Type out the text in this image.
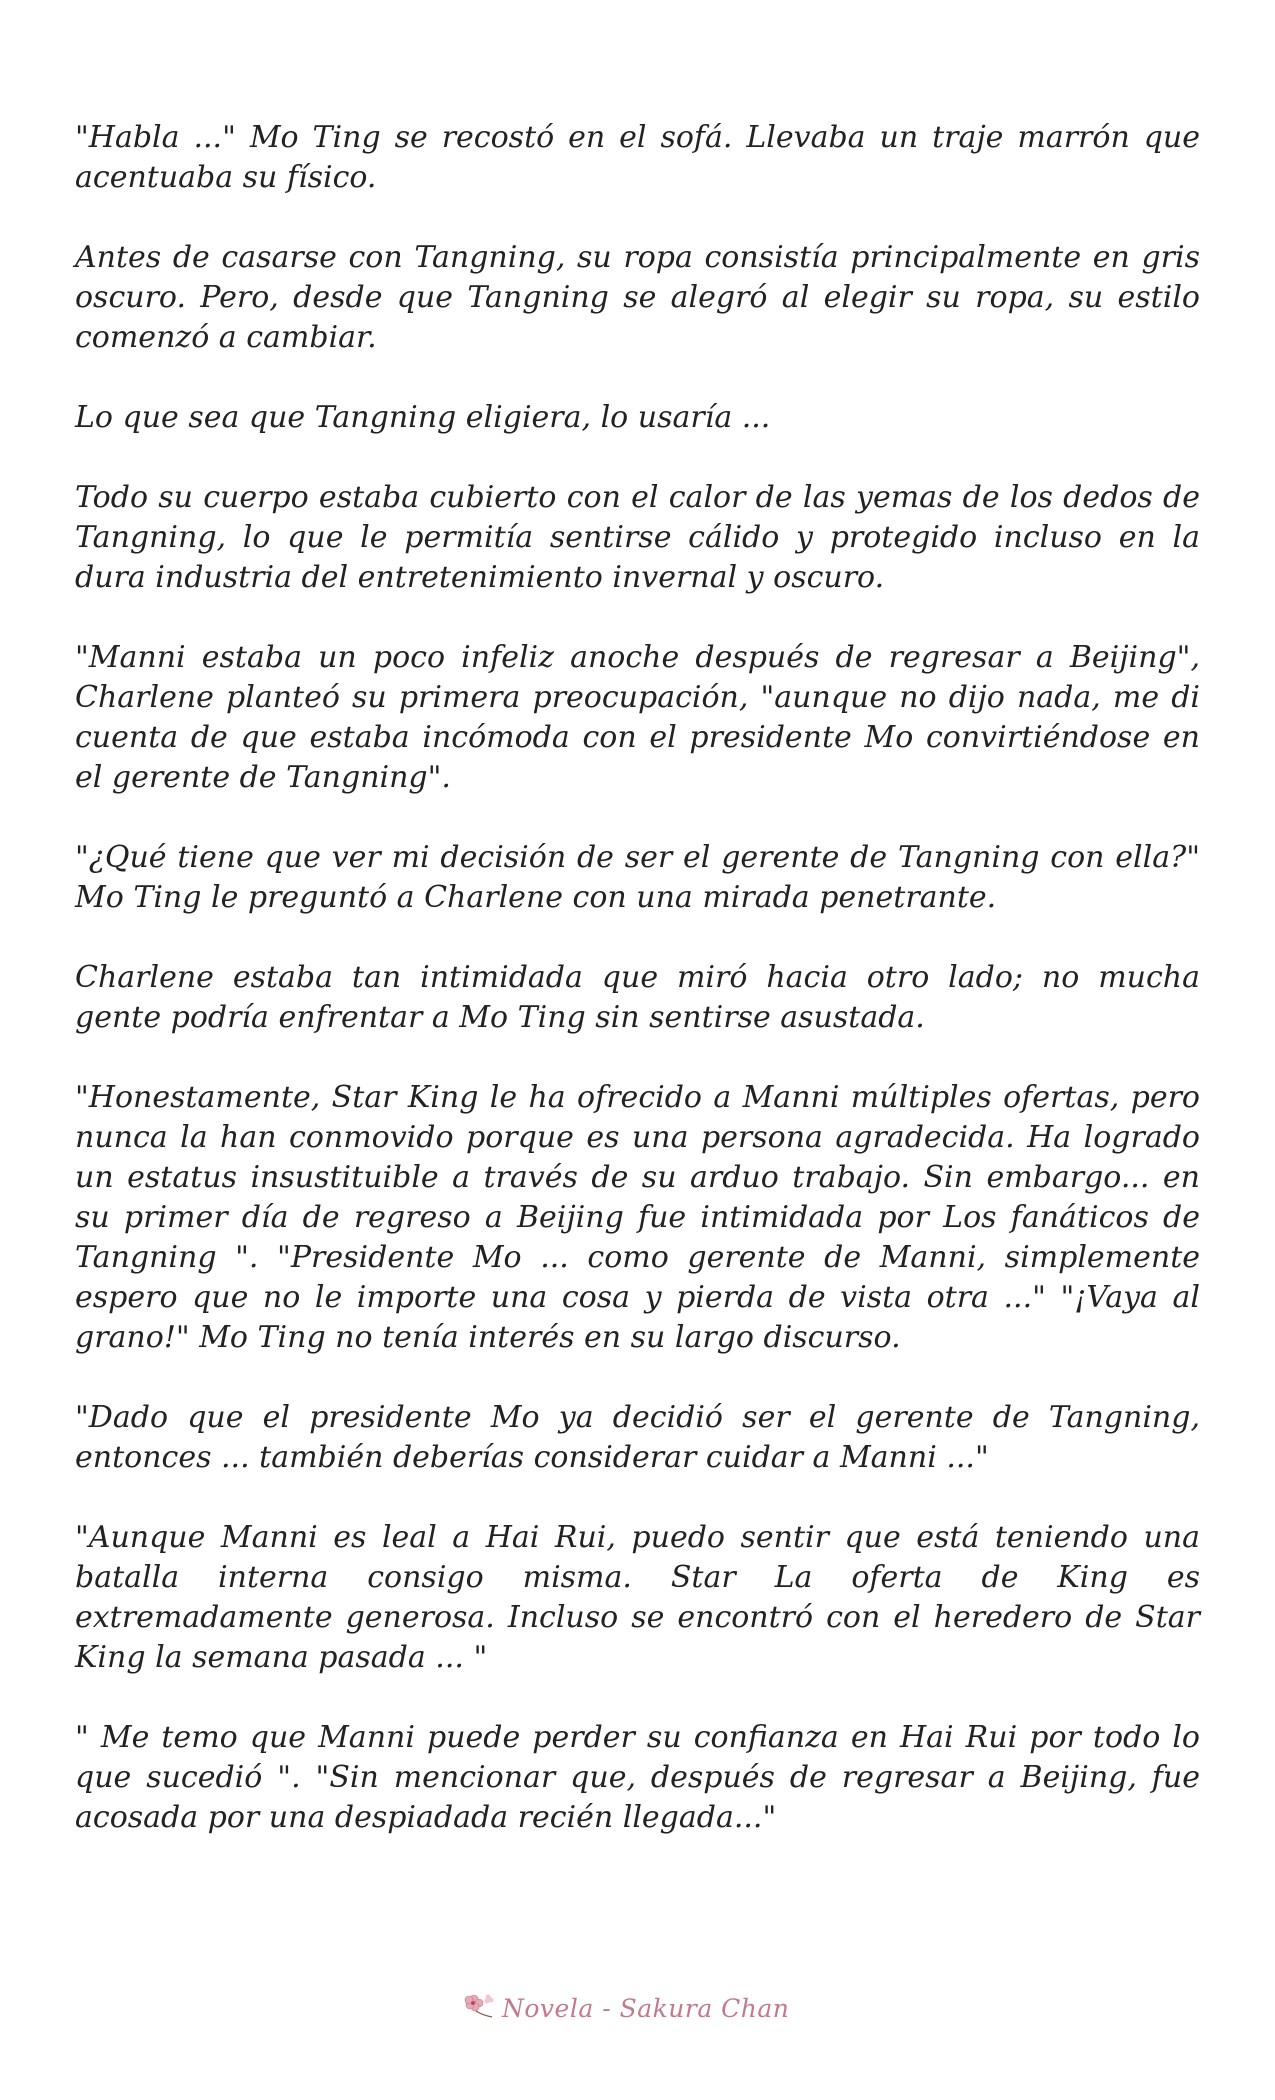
"Habla ..." Mo Ting se recostó en el sofá. Llevaba un traje marrón que acentuaba su físico.

Antes de casarse con Tangning, su ropa consistía principalmente en gris oscuro. Pero, desde que Tangning se alegró al elegir su ropa, su estilo comenzó a cambiar.

Lo que sea que Tangning eligiera, lo usaría ...

Todo su cuerpo estaba cubierto con el calor de las yemas de los dedos de Tangning, lo que le permitía sentirse cálido y protegido incluso en la dura industria del entretenimiento invernal y oscuro.

"Manni estaba un poco infeliz anoche después de regresar a Beijing", Charlene planteó su primera preocupación, "aunque no dijo nada, me di cuenta de que estaba incómoda con el presidente Mo convirtiéndose en el gerente de Tangning".

"¿Qué tiene que ver mi decisión de ser el gerente de Tangning con ella?" Mo Ting le preguntó a Charlene con una mirada penetrante.

Charlene estaba tan intimidada que miró hacia otro lado; no mucha gente podría enfrentar a Mo Ting sin sentirse asustada.

"Honestamente, Star King le ha ofrecido a Manni múltiples ofertas, pero nunca la han conmovido porque es una persona agradecida. Ha logrado un estatus insustituible a través de su arduo trabajo. Sin embargo... en su primer día de regreso a Beijing fue intimidada por Los fanáticos de Tangning ". "Presidente Mo ... como gerente de Manni, simplemente espero que no le importe una cosa y pierda de vista otra ..." "¡Vaya al grano!" Mo Ting no tenía interés en su largo discurso.

"Dado que el presidente Mo ya decidió ser el gerente de Tangning, entonces ... también deberías considerar cuidar a Manni ..."

"Aunque Manni es leal a Hai Rui, puedo sentir que está teniendo una batalla interna consigo misma. Star La oferta de King es extremadamente generosa. Incluso se encontró con el heredero de Star King la semana pasada ... "

" Me temo que Manni puede perder su confianza en Hai Rui por todo lo que sucedió ". "Sin mencionar que, después de regresar a Beijing, fue acosada por una despiadada recién llegada..."

Novela - Sakura Chan
